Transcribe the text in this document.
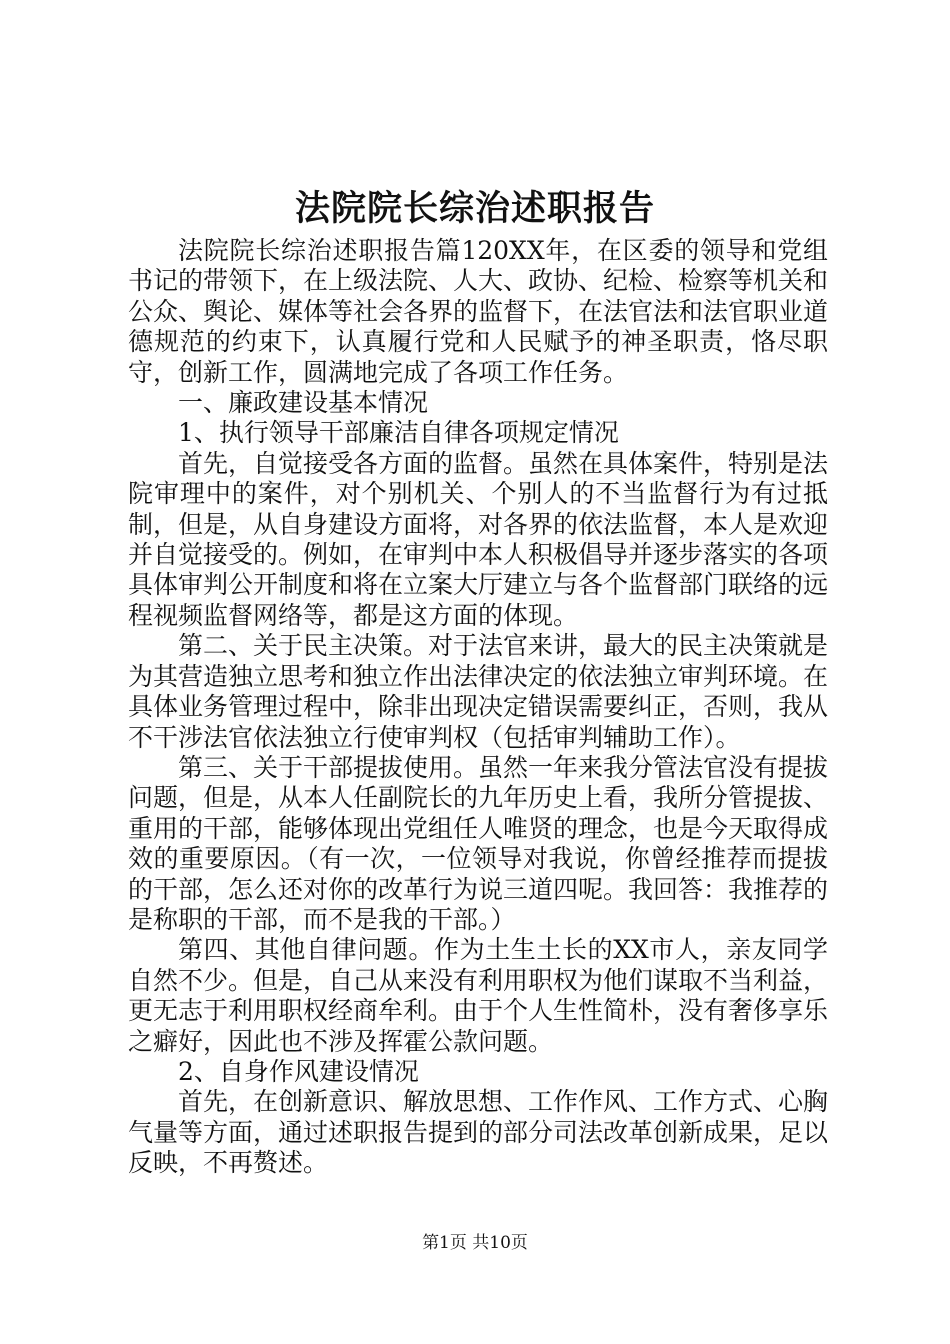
法院院长综治述职报告

法院院长综治述职报告篇120XX年，在区委的领导和党组书记的带领下，在上级法院、人大、政协、纪检、检察等机关和公众、舆论、媒体等社会各界的监督下，在法官法和法官职业道德规范的约束下，认真履行党和人民赋予的神圣职责，恪尽职守，创新工作，圆满地完成了各项工作任务。

一、廉政建设基本情况

1、执行领导干部廉洁自律各项规定情况

首先，自觉接受各方面的监督。虽然在具体案件，特别是法院审理中的案件，对个别机关、个别人的不当监督行为有过抵制，但是，从自身建设方面将，对各界的依法监督，本人是欢迎并自觉接受的。例如，在审判中本人积极倡导并逐步落实的各项具体审判公开制度和将在立案大厅建立与各个监督部门联络的远程视频监督网络等，都是这方面的体现。

第二、关于民主决策。对于法官来讲，最大的民主决策就是为其营造独立思考和独立作出法律决定的依法独立审判环境。在具体业务管理过程中，除非出现决定错误需要纠正，否则，我从不干涉法官依法独立行使审判权（包括审判辅助工作）。

第三、关于干部提拔使用。虽然一年来我分管法官没有提拔问题，但是，从本人任副院长的九年历史上看，我所分管提拔、重用的干部，能够体现出党组任人唯贤的理念，也是今天取得成效的重要原因。（有一次，一位领导对我说，你曾经推荐而提拔的干部，怎么还对你的改革行为说三道四呢。我回答：我推荐的是称职的干部，而不是我的干部。）

第四、其他自律问题。作为土生土长的XX市人，亲友同学自然不少。但是，自己从来没有利用职权为他们谋取不当利益，更无志于利用职权经商牟利。由于个人生性简朴，没有奢侈享乐之癖好，因此也不涉及挥霍公款问题。

2、自身作风建设情况

首先，在创新意识、解放思想、工作作风、工作方式、心胸气量等方面，通过述职报告提到的部分司法改革创新成果，足以反映，不再赘述。

第1页 共10页
